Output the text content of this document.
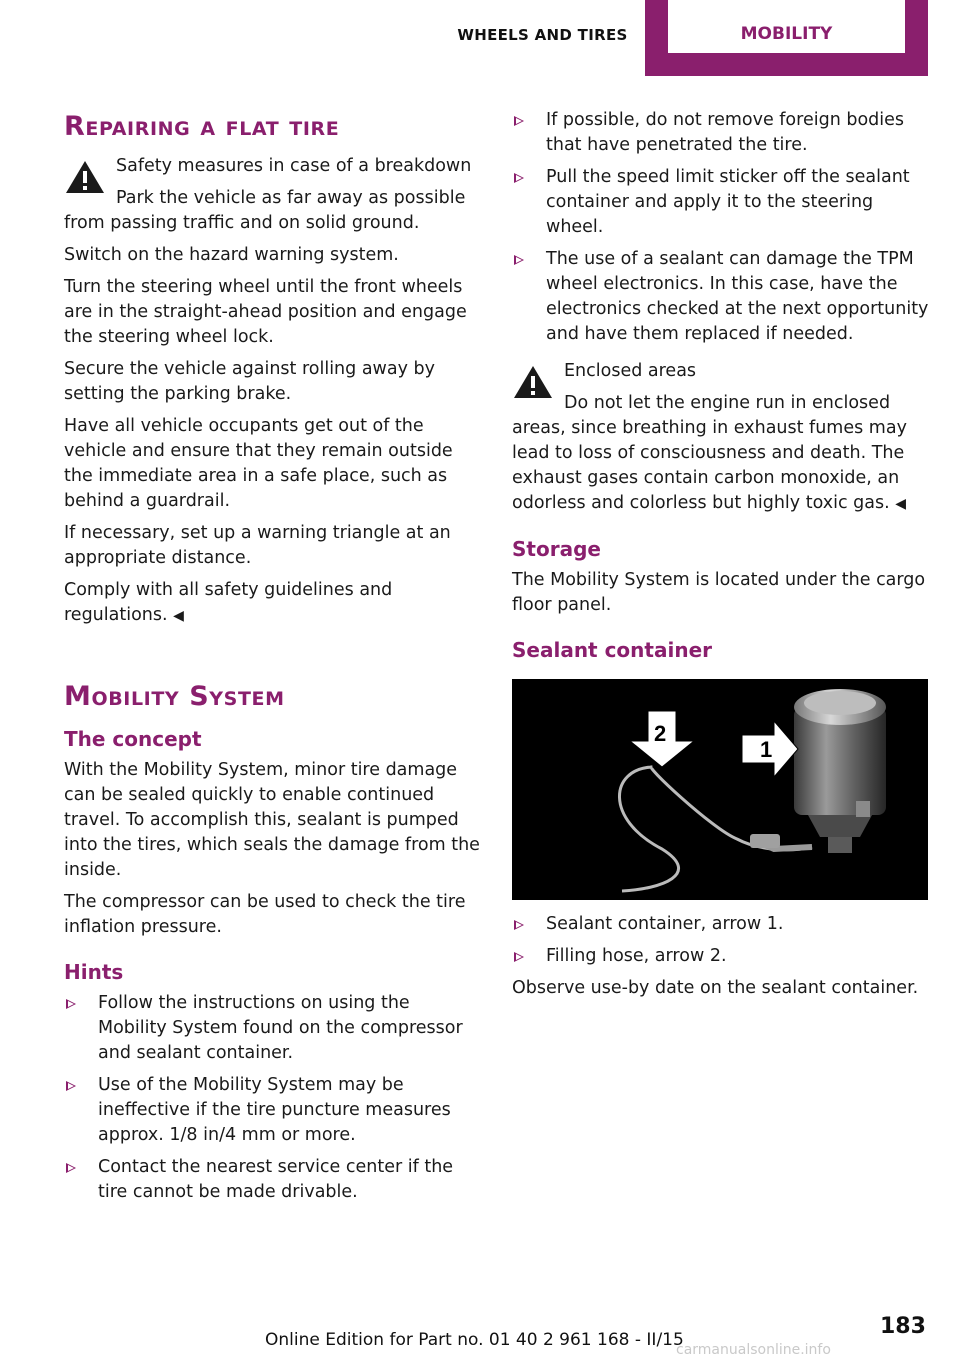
WHEELS AND TIRES	MOBILITY
Repairing a flat tire

Safety measures in case of a breakdown

Park the vehicle as far away as possible from passing traffic and on solid ground.

Switch on the hazard warning system.

Turn the steering wheel until the front wheels are in the straight-ahead position and engage the steering wheel lock.

Secure the vehicle against rolling away by setting the parking brake.

Have all vehicle occupants get out of the vehicle and ensure that they remain outside the immediate area in a safe place, such as behind a guardrail.

If necessary, set up a warning triangle at an appropriate distance.

Comply with all safety guidelines and regulations. ◀

Mobility System
The concept

With the Mobility System, minor tire damage can be sealed quickly to enable continued travel. To accomplish this, sealant is pumped into the tires, which seals the damage from the inside.

The compressor can be used to check the tire inflation pressure.

Hints
Follow the instructions on using the Mobility System found on the compressor and sealant container.
Use of the Mobility System may be ineffective if the tire puncture measures approx. 1/8 in/4 mm or more.
Contact the nearest service center if the tire cannot be made drivable.
If possible, do not remove foreign bodies that have penetrated the tire.
Pull the speed limit sticker off the sealant container and apply it to the steering wheel.
The use of a sealant can damage the TPM wheel electronics. In this case, have the electronics checked at the next opportunity and have them replaced if needed.

Enclosed areas

Do not let the engine run in enclosed areas, since breathing in exhaust fumes may lead to loss of consciousness and death. The exhaust gases contain carbon monoxide, an odorless and colorless but highly toxic gas. ◀

Storage

The Mobility System is located under the cargo floor panel.

Sealant container
1
2
Sealant container, arrow 1.
Filling hose, arrow 2.

Observe use-by date on the sealant container.

Online Edition for Part no. 01 40 2 961 168 - II/15
183
carmanualsonline.info
